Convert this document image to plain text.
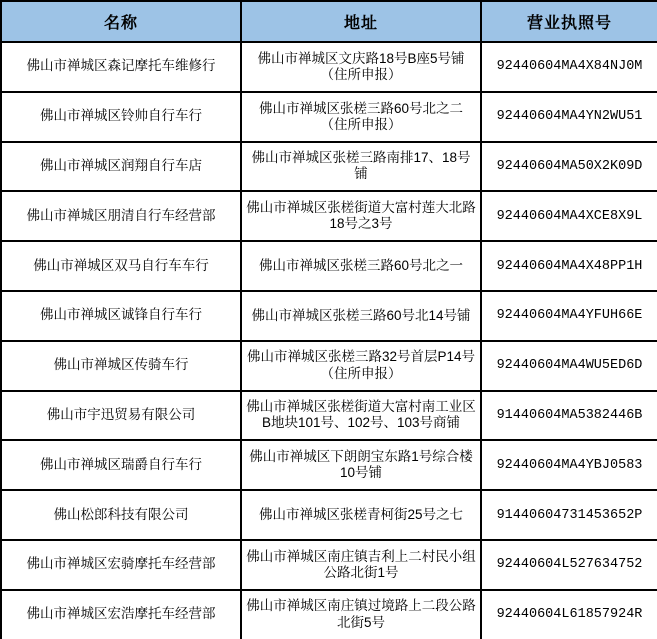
名称	地址	营业执照号
佛山市禅城区森记摩托车维修行	佛山市禅城区文庆路18号B座5号铺（住所申报）	92440604MA4X84NJ0M
佛山市禅城区铃帅自行车行	佛山市禅城区张槎三路60号北之二（住所申报）	92440604MA4YN2WU51
佛山市禅城区润翔自行车店	佛山市禅城区张槎三路南排17、18号铺	92440604MA50X2K09D
佛山市禅城区朋清自行车经营部	佛山市禅城区张槎街道大富村莲大北路18号之3号	92440604MA4XCE8X9L
佛山市禅城区双马自行车车行	佛山市禅城区张槎三路60号北之一	92440604MA4X48PP1H
佛山市禅城区诚锋自行车行	佛山市禅城区张槎三路60号北14号铺	92440604MA4YFUH66E
佛山市禅城区传骑车行	佛山市禅城区张槎三路32号首层P14号（住所申报）	92440604MA4WU5ED6D
佛山市宇迅贸易有限公司	佛山市禅城区张槎街道大富村南工业区B地块101号、102号、103号商铺	91440604MA5382446B
佛山市禅城区瑞爵自行车行	佛山市禅城区下朗朗宝东路1号综合楼10号铺	92440604MA4YBJ0583
佛山松郎科技有限公司	佛山市禅城区张槎青柯街25号之七	91440604731453652P
佛山市禅城区宏骑摩托车经营部	佛山市禅城区南庄镇吉利上二村民小组公路北街1号	92440604L527634752
佛山市禅城区宏浩摩托车经营部	佛山市禅城区南庄镇过境路上二段公路北街5号	92440604L61857924R
